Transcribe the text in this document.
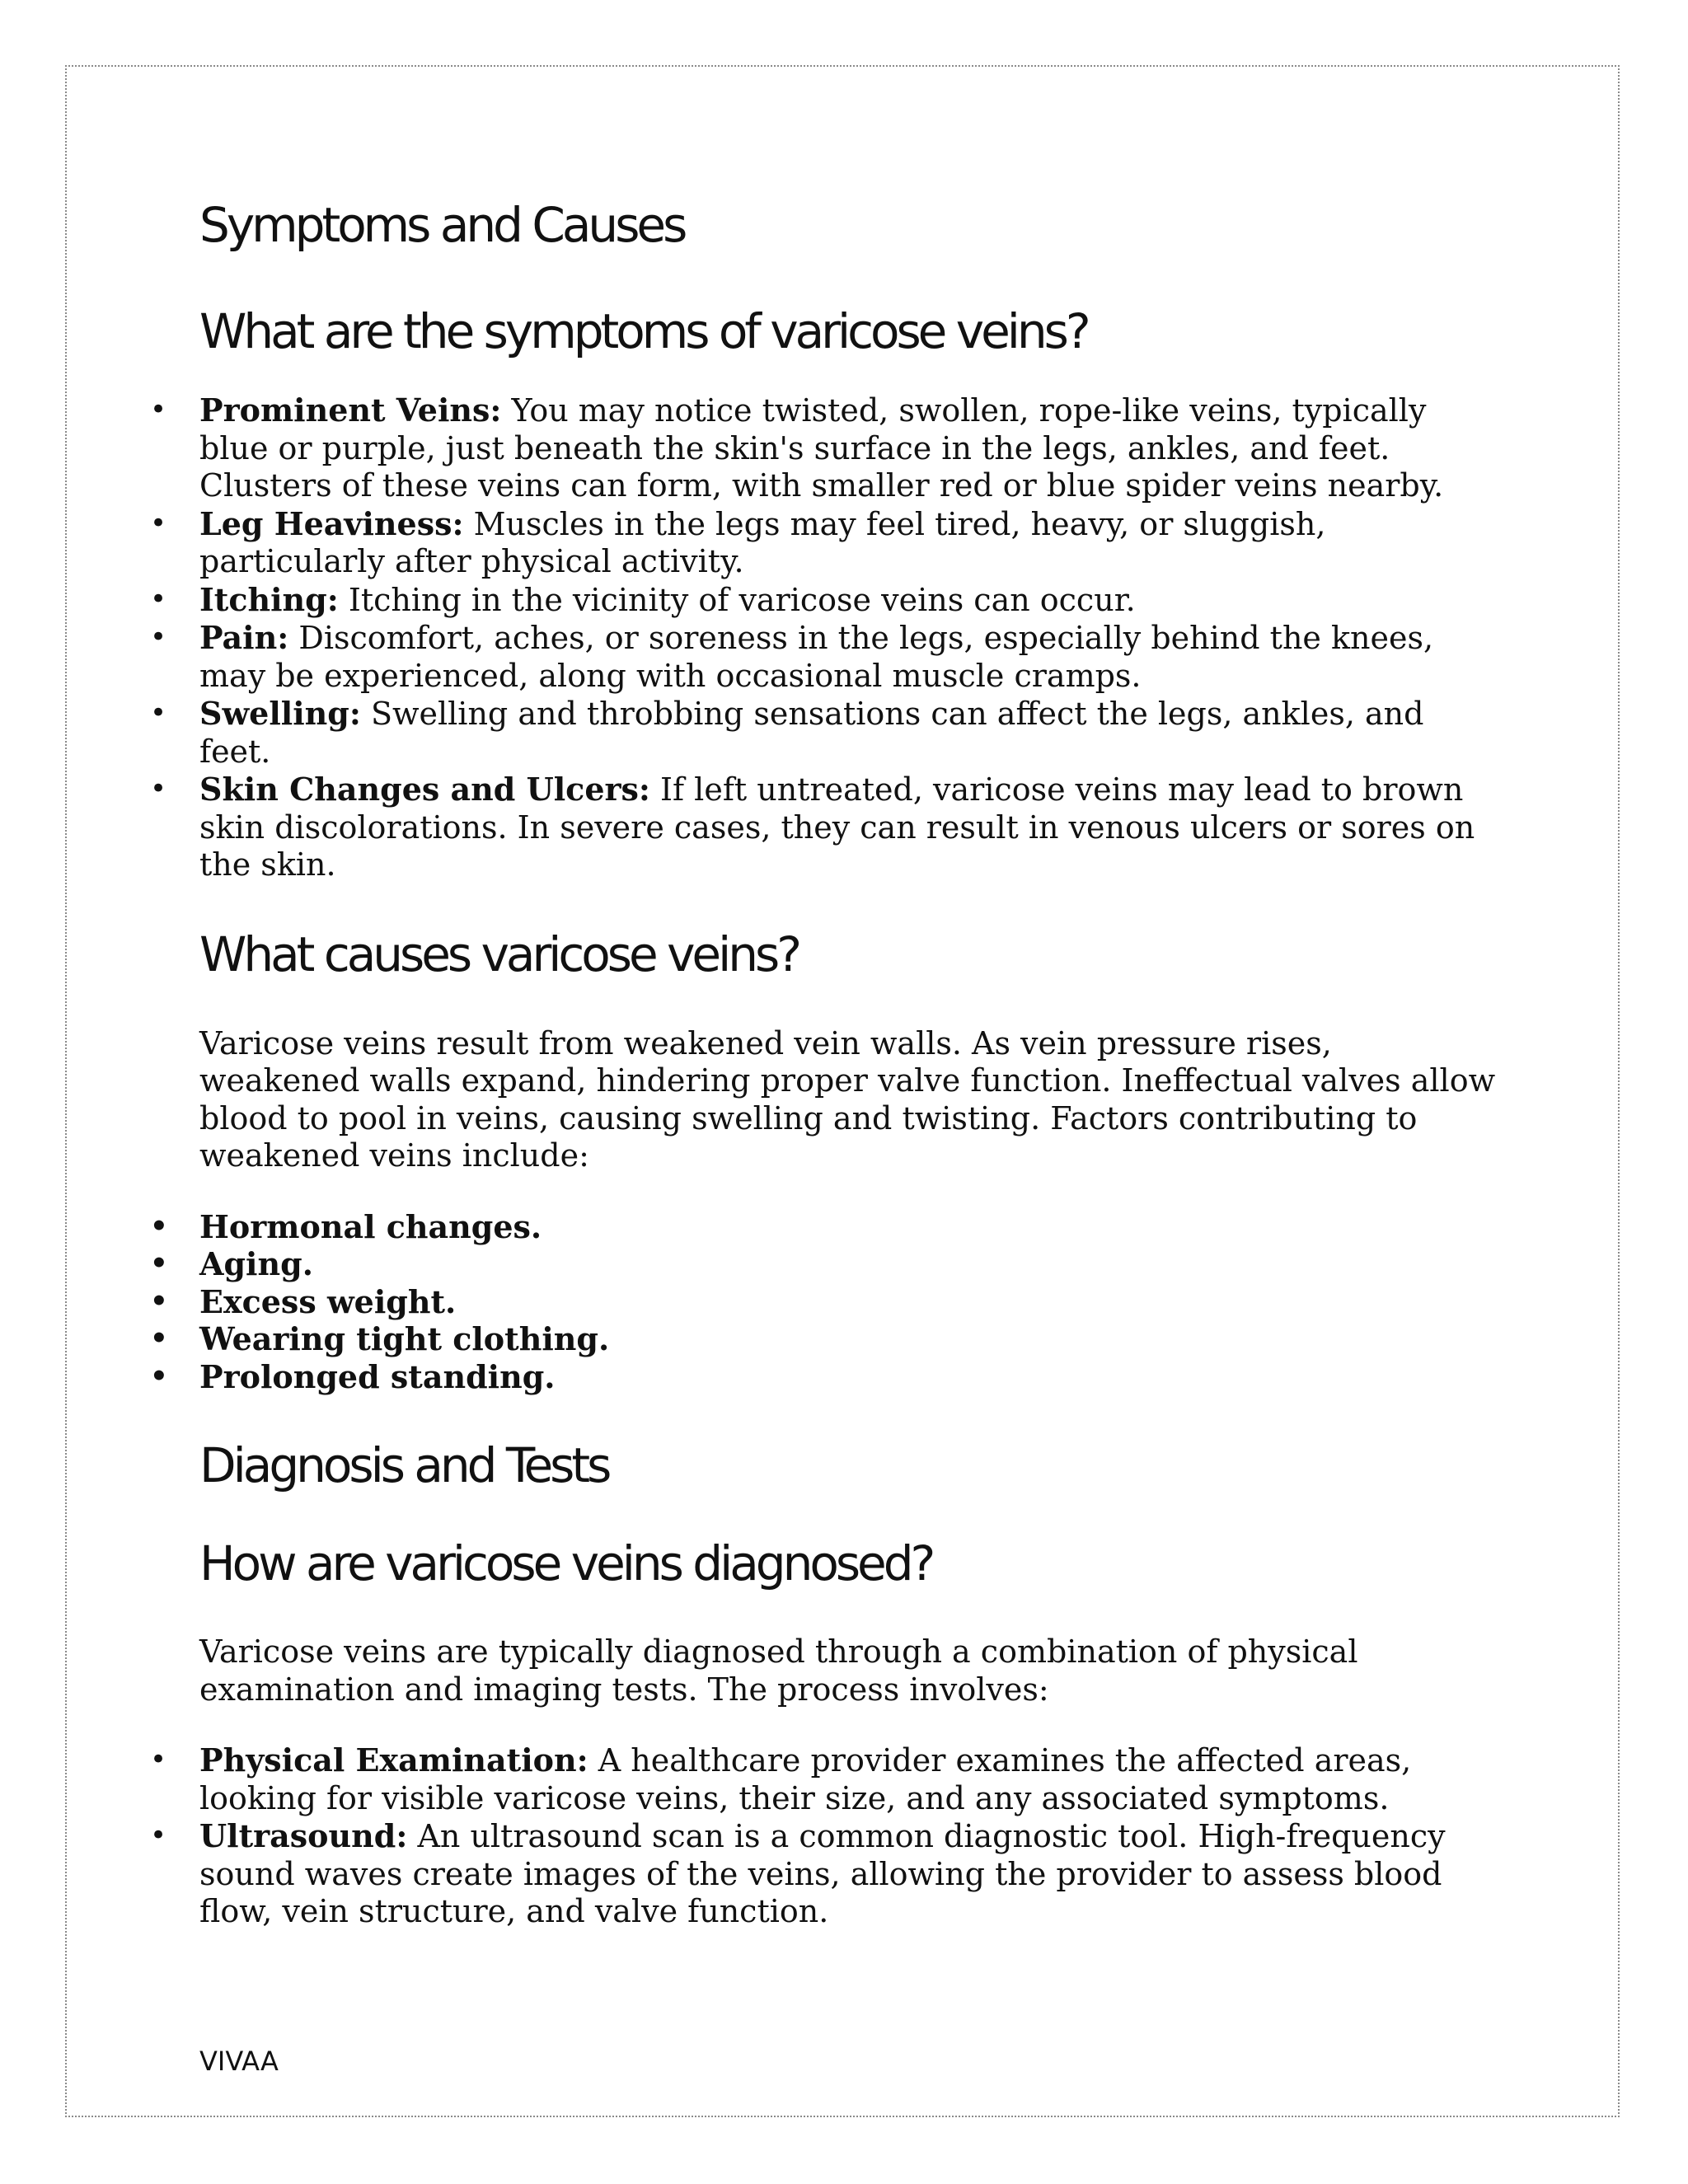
Symptoms and Causes
What are the symptoms of varicose veins?
• Prominent Veins: You may notice twisted, swollen, rope-like veins, typically blue or purple, just beneath the skin's surface in the legs, ankles, and feet. Clusters of these veins can form, with smaller red or blue spider veins nearby.
• Leg Heaviness: Muscles in the legs may feel tired, heavy, or sluggish, particularly after physical activity.
• Itching: Itching in the vicinity of varicose veins can occur.
• Pain: Discomfort, aches, or soreness in the legs, especially behind the knees, may be experienced, along with occasional muscle cramps.
• Swelling: Swelling and throbbing sensations can affect the legs, ankles, and feet.
• Skin Changes and Ulcers: If left untreated, varicose veins may lead to brown skin discolorations. In severe cases, they can result in venous ulcers or sores on the skin.
What causes varicose veins?

Varicose veins result from weakened vein walls. As vein pressure rises, weakened walls expand, hindering proper valve function. Ineffectual valves allow blood to pool in veins, causing swelling and twisting. Factors contributing to weakened veins include:

• Hormonal changes.
• Aging.
• Excess weight.
• Wearing tight clothing.
• Prolonged standing.
Diagnosis and Tests
How are varicose veins diagnosed?

Varicose veins are typically diagnosed through a combination of physical examination and imaging tests. The process involves:

• Physical Examination: A healthcare provider examines the affected areas, looking for visible varicose veins, their size, and any associated symptoms.
• Ultrasound: An ultrasound scan is a common diagnostic tool. High-frequency sound waves create images of the veins, allowing the provider to assess blood flow, vein structure, and valve function.
VIVAA
